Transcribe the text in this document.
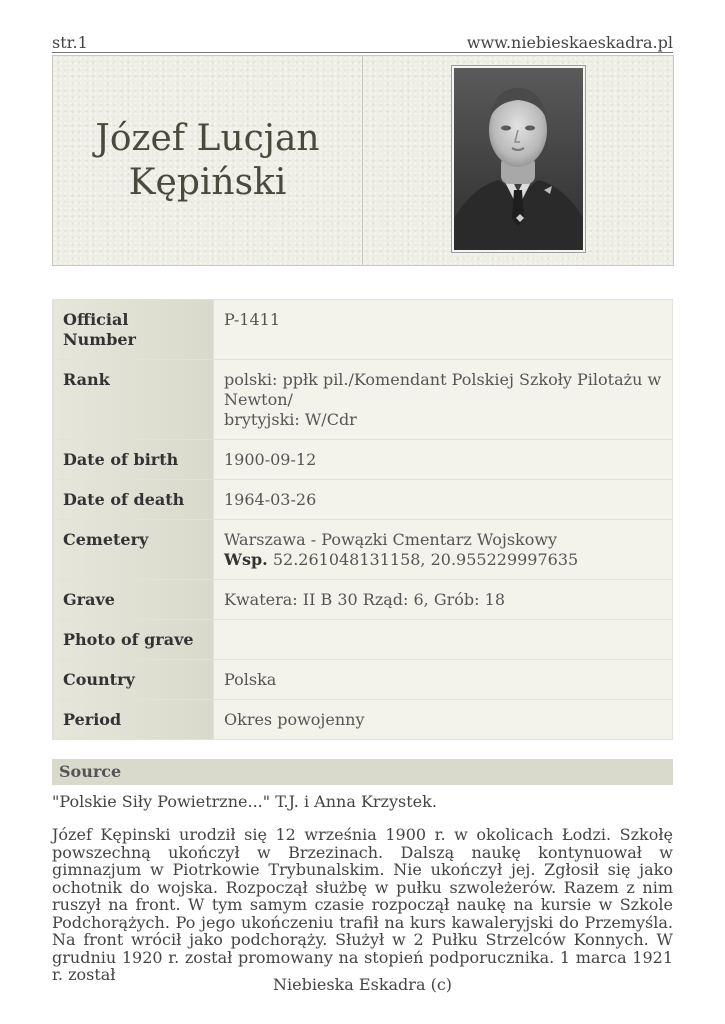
str.1	www.niebieskaeskadra.pl
Józef Lucjan
Kępiński
Official Number	P-1411
Rank	polski: ppłk pil./Komendant Polskiej Szkoły Pilotażu w Newton/
brytyjski: W/Cdr
Date of birth	1900-09-12
Date of death	1964-03-26
Cemetery	Warszawa - Powązki Cmentarz Wojskowy
Wsp. 52.261048131158, 20.955229997635
Grave	Kwatera: II B 30 Rząd: 6, Grób: 18
Photo of grave	
Country	Polska
Period	Okres powojenny
Source
"Polskie Siły Powietrzne..." T.J. i Anna Krzystek.

Józef Kępinski urodził się 12 września 1900 r. w okolicach Łodzi. Szkołę powszechną ukończył w Brzezinach. Dalszą naukę kontynuował w gimnazjum w Piotrkowie Trybunalskim. Nie ukończył jej. Zgłosił się jako ochotnik do wojska. Rozpoczął służbę w pułku szwoleżerów. Razem z nim ruszył na front. W tym samym czasie rozpoczął naukę na kursie w Szkole Podchorążych. Po jego ukończeniu trafił na kurs kawaleryjski do Przemyśla. Na front wrócił jako podchorąży. Służył w 2 Pułku Strzelców Konnych. W grudniu 1920 r. został promowany na stopień podporucznika. 1 marca 1921 r. został

Niebieska Eskadra (c)
